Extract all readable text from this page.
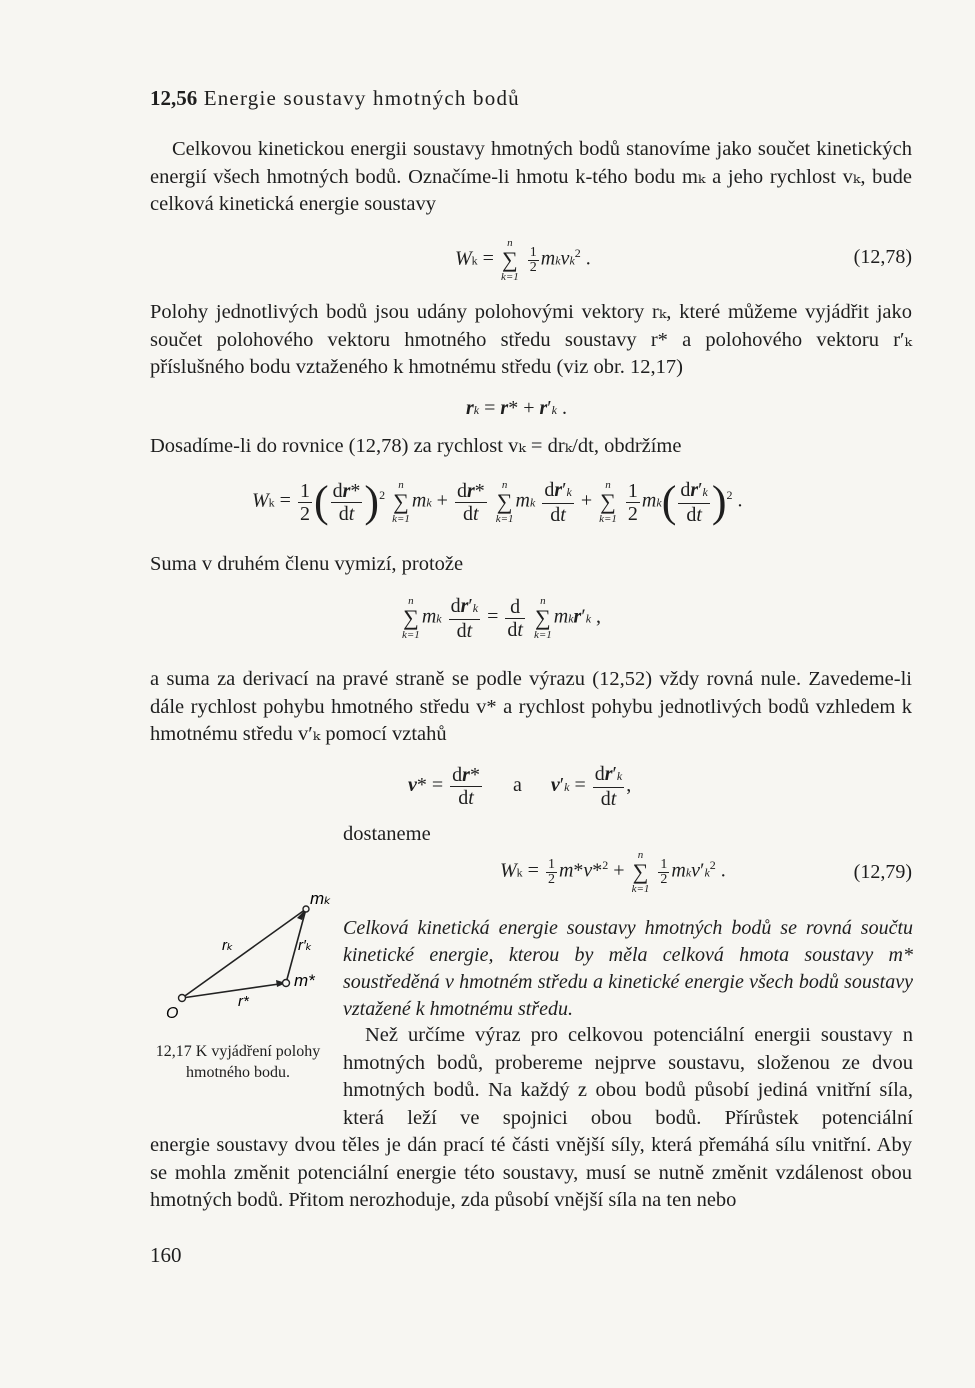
12,56 Energie soustavy hmotných bodů
Celkovou kinetickou energii soustavy hmotných bodů stanovíme jako součet kinetických energií všech hmotných bodů. Označíme-li hmotu k-tého bodu mₖ a jeho rychlost vₖ, bude celková kinetická energie soustavy
Wk =
n
∑
k=1

$\frac{1}{2}$ mkvk$^2$ .	(12,78)
Polohy jednotlivých bodů jsou udány polohovými vektory rₖ, které můžeme vyjádřit jako součet polohového vektoru hmotného středu soustavy r* a polohového vektoru r′ₖ příslušného bodu vztaženého k hmotnému středu (viz obr. 12,17)
rk = r* + r′k .
Dosadíme-li do rovnice (12,78) za rychlost vₖ = drₖ/dt, obdržíme
$Wk = \frac{1}{2}$ ( $\frac{dr*}{dt} )^2$
n
∑
k=1
mk + $\frac{dr*}{dt}$
	n
∑
k=1
mk $\frac{dr'k}{dt}$ +
n
∑
k=1
$\frac{1}{2} mk( \frac{dr'k}{dt} )^2$ .
Suma v druhém členu vymizí, protože
n
∑
k=1
mk $\frac{dr'k}{dt} = \frac{d}{dt}$
	n
∑
k=1
mkr′k ,
a suma za derivací na pravé straně se podle výrazu (12,52) vždy rovná nule. Zavedeme-li dále rychlost pohybu hmotného středu v* a rychlost pohybu jednotlivých bodů vzhledem k hmotnému středu v′ₖ pomocí vztahů
$v* = \frac{dr*}{dt}$ a $v'k = \frac{dr'k}{dt}$ ,
dostaneme
$Wk = \frac{1}{2} m*v*^2$ +
n
∑
k=1

$\frac{1}{2} mkv'k^2$ .	(12,79)
O
mₖ
m*
rₖ	r′ₖ
r*
12,17 K vyjádření polohy hmotného bodu.
Celková kinetická energie soustavy hmotných bodů se rovná součtu kinetické energie, kterou by měla celková hmota soustavy m* soustředěná v hmotném středu a kinetické energie všech bodů soustavy vztažené k hmotnému středu.
Než určíme výraz pro celkovou potenciální energii soustavy n hmotných bodů, probereme nejprve soustavu, složenou ze dvou hmotných bodů. Na každý z obou bodů působí jediná vnitřní síla, která leží ve spojnici obou bodů. Přírůstek potenciální
energie soustavy dvou těles je dán prací té části vnější síly, která přemáhá sílu vnitřní. Aby se mohla změnit potenciální energie této soustavy, musí se nutně změnit vzdálenost obou hmotných bodů. Přitom nerozhoduje, zda působí vnější síla na ten nebo
160
